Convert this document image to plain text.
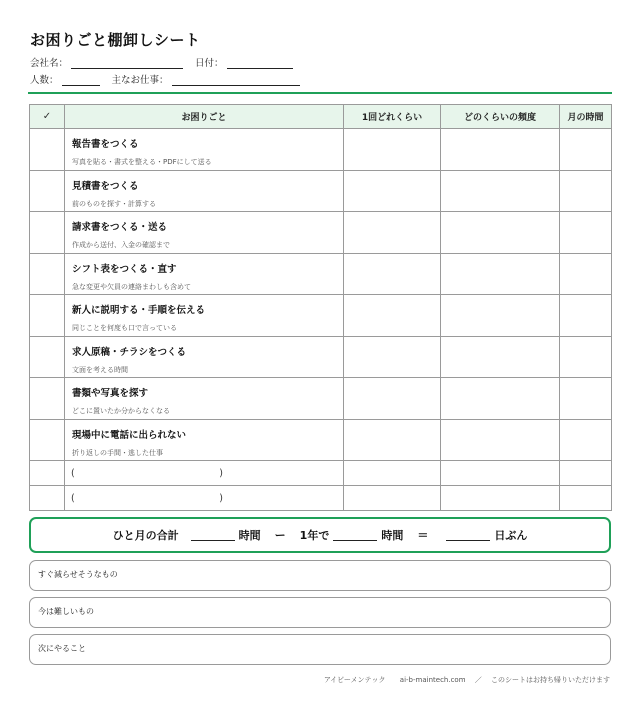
お困りごと棚卸しシート
会社名：	日付：
人数：	主なお仕事：
✓	お困りごと	1回どれくらい	どのくらいの頻度	月の時間

	報告書をつくる
写真を貼る・書式を整える・PDFにして送る			

	見積書をつくる
前のものを探す・計算する			

	請求書をつくる・送る
作成から送付、入金の確認まで			

	シフト表をつくる・直す
急な変更や欠員の連絡まわしも含めて			

	新人に説明する・手順を伝える
同じことを何度も口で言っている			

	求人原稿・チラシをつくる
文面を考える時間			

	書類や写真を探す
どこに置いたか分からなくなる			

	現場中に電話に出られない
折り返しの手間・逃した仕事			

	( )			

	( )			

ひと月の合計	時間 ー 1年で	時間 ＝	日ぶん
すぐ減らせそうなもの
今は難しいもの
次にやること
アイビーメンテック ai-b-maintech.com ／ このシートはお持ち帰りいただけます
